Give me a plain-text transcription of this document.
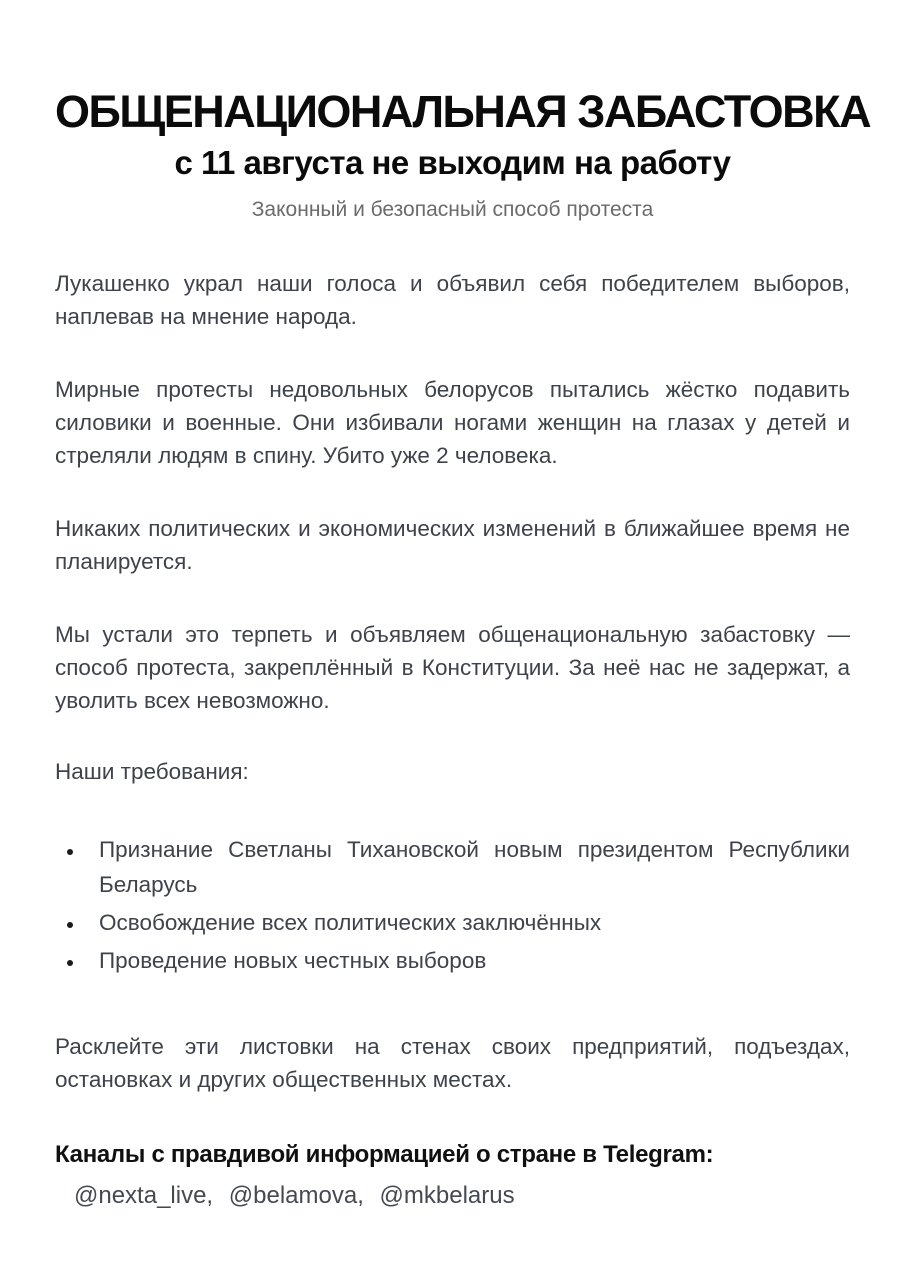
ОБЩЕНАЦИОНАЛЬНАЯ ЗАБАСТОВКА
с 11 августа не выходим на работу
Законный и безопасный способ протеста

Лукашенко украл наши голоса и объявил себя победителем выборов, наплевав на мнение народа.

Мирные протесты недовольных белорусов пытались жёстко подавить силовики и военные. Они избивали ногами женщин на глазах у детей и стреляли людям в спину. Убито уже 2 человека.

Никаких политических и экономических изменений в ближайшее время не планируется.

Мы устали это терпеть и объявляем общенациональную забастовку — способ протеста, закреплённый в Конституции. За неё нас не задержат, а уволить всех невозможно.

Наши требования:

• Признание Светланы Тихановской новым президентом Республики Беларусь
• Освобождение всех политических заключённых
• Проведение новых честных выборов

Расклейте эти листовки на стенах своих предприятий, подъездах, остановках и других общественных местах.

Каналы с правдивой информацией о стране в Telegram:
@nexta_live, @belamova, @mkbelarus
